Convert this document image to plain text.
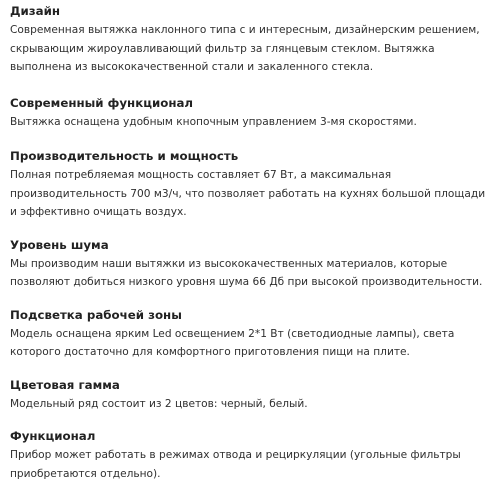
Дизайн

Современная вытяжка наклонного типа с и интересным, дизайнерским решением, скрывающим жироулавливающий фильтр за глянцевым стеклом. Вытяжка выполнена из высококачественной стали и закаленного стекла.

Современный функционал

Вытяжка оснащена удобным кнопочным управлением 3-мя скоростями.

Производительность и мощность

Полная потребляемая мощность составляет 67 Вт, а максимальная производительность 700 м3/ч, что позволяет работать на кухнях большой площади и эффективно очищать воздух.

Уровень шума

Мы производим наши вытяжки из высококачественных материалов, которые позволяют добиться низкого уровня шума 66 Дб при высокой производительности.

Подсветка рабочей зоны

Модель оснащена ярким Led освещением 2*1 Вт (светодиодные лампы), света которого достаточно для комфортного приготовления пищи на плите.

Цветовая гамма

Модельный ряд состоит из 2 цветов: черный, белый.

Функционал

Прибор может работать в режимах отвода и рециркуляции (угольные фильтры приобретаются отдельно).
